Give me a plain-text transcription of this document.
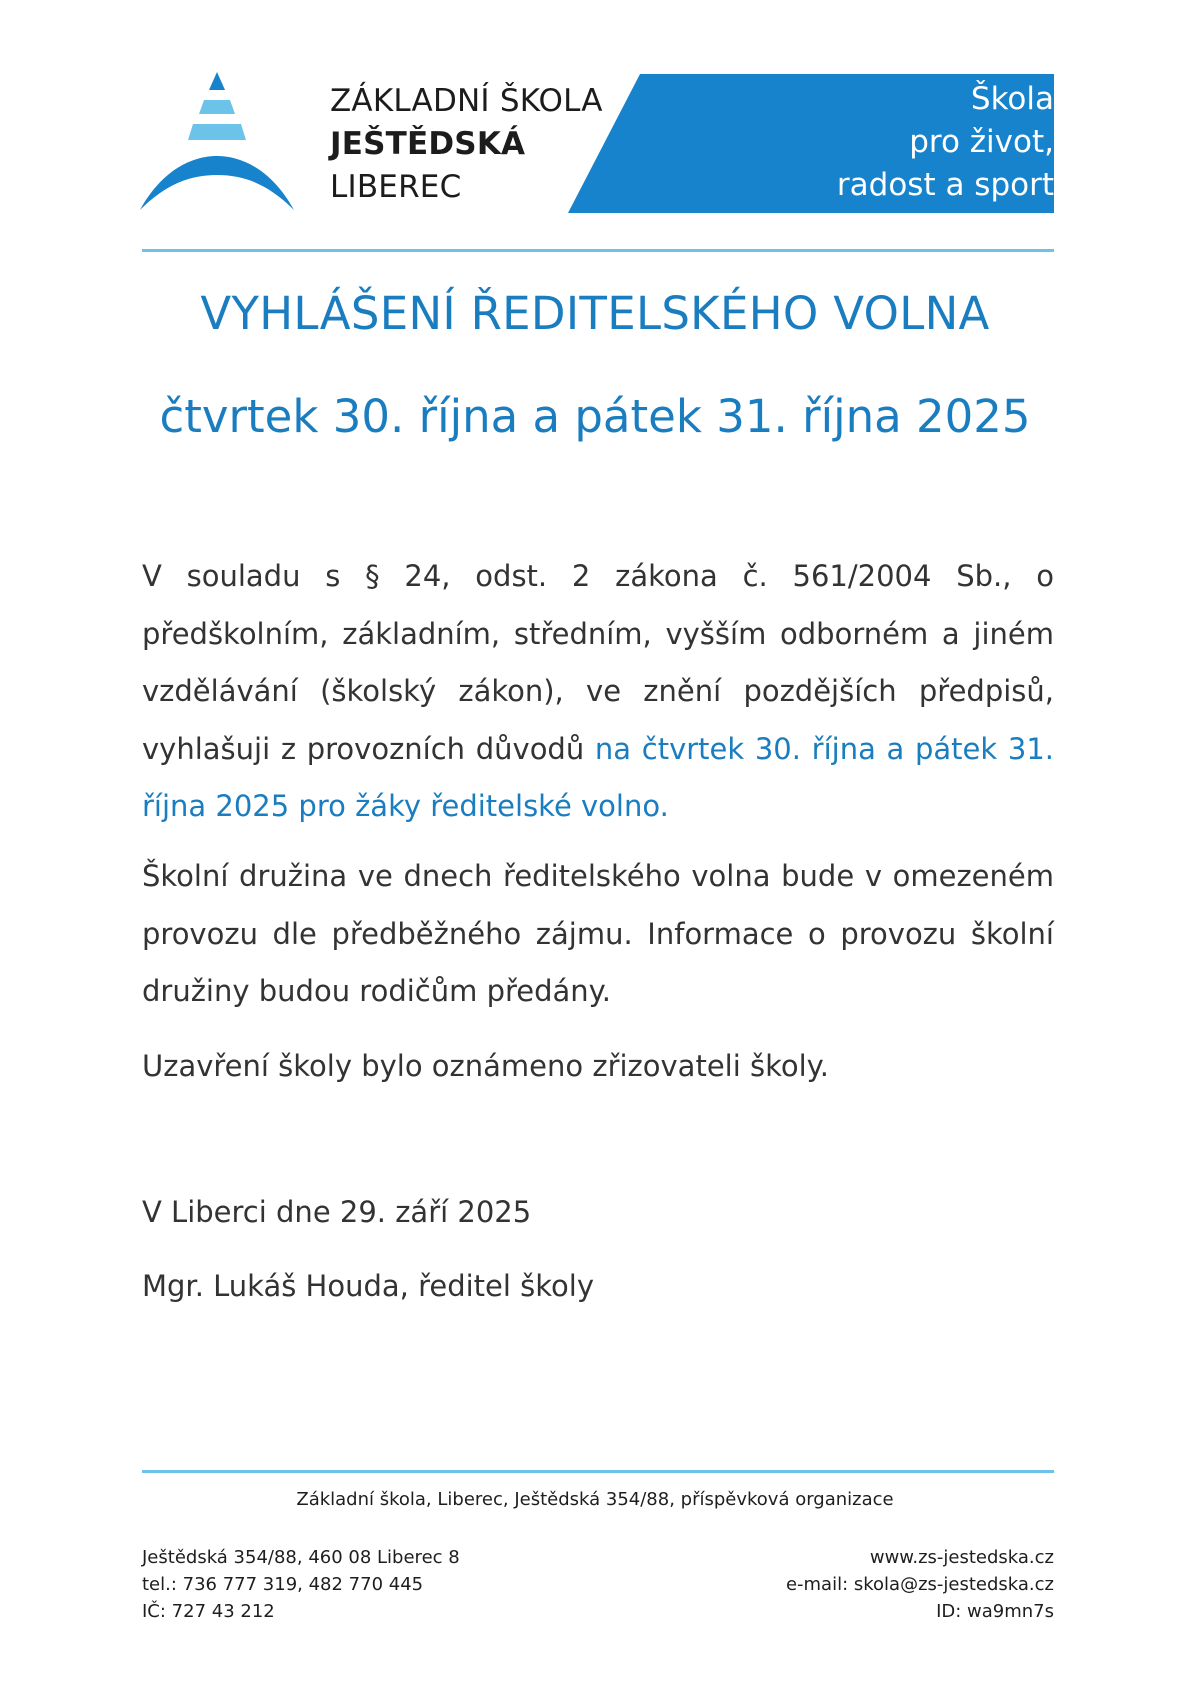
ZÁKLADNÍ ŠKOLA
JEŠTĚDSKÁ
LIBEREC
Škola
pro život,
radost a sport
VYHLÁŠENÍ ŘEDITELSKÉHO VOLNA
čtvrtek 30. října a pátek 31. října 2025
V souladu s § 24, odst. 2 zákona č. 561/2004 Sb., o předškolním, základním, středním, vyšším odborném a jiném vzdělávání (školský zákon), ve znění pozdějších předpisů, vyhlašuji z provozních důvodů na čtvrtek 30. října a pátek 31. října 2025 pro žáky ředitelské volno.
Školní družina ve dnech ředitelského volna bude v omezeném provozu dle předběžného zájmu. Informace o provozu školní družiny budou rodičům předány.
Uzavření školy bylo oznámeno zřizovateli školy.
V Liberci dne 29. září 2025
Mgr. Lukáš Houda, ředitel školy
Základní škola, Liberec, Ještědská 354/88, příspěvková organizace
Ještědská 354/88, 460 08 Liberec 8
tel.: 736 777 319, 482 770 445
IČ: 727 43 212
www.zs-jestedska.cz
e-mail: skola@zs-jestedska.cz
ID: wa9mn7s
